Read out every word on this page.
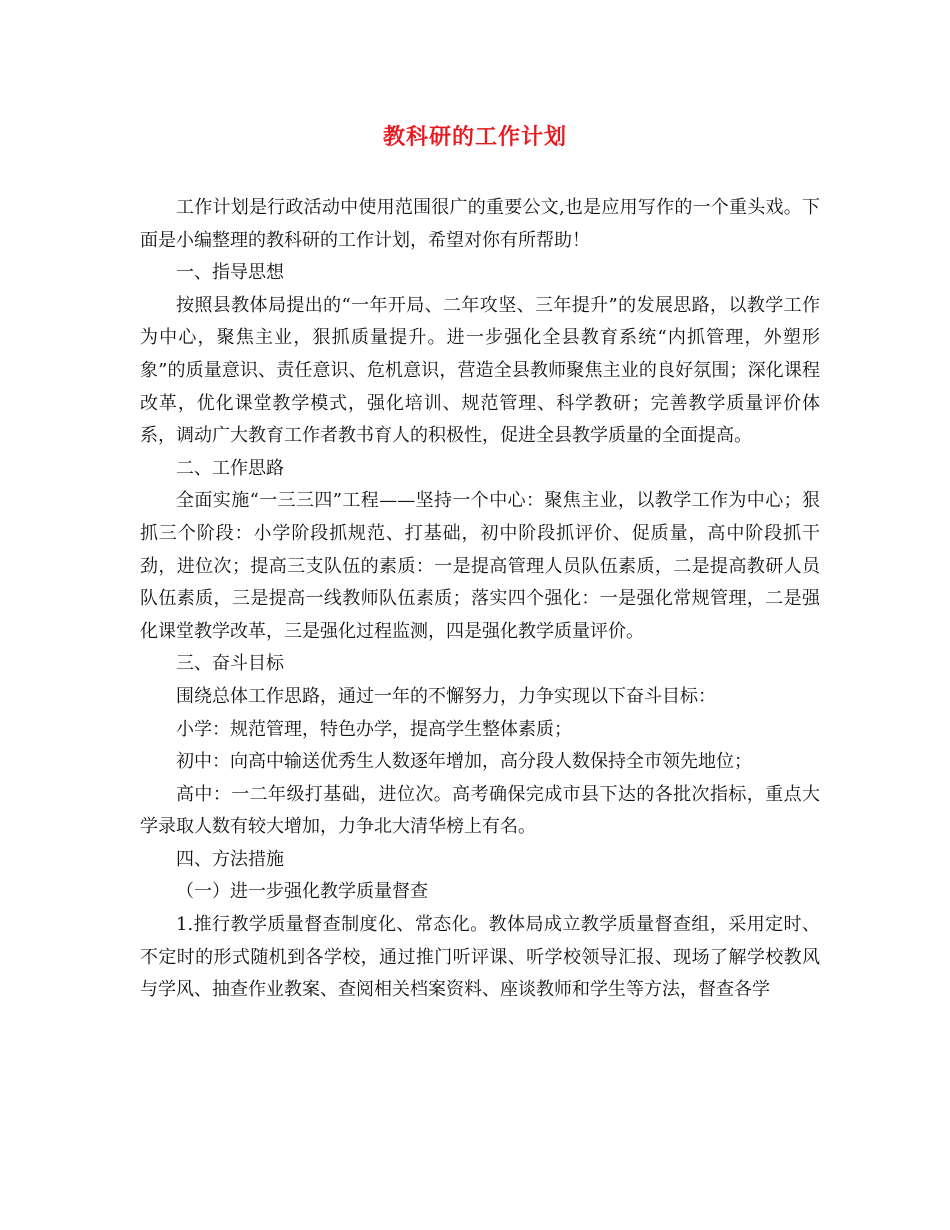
教科研的工作计划

工作计划是行政活动中使用范围很广的重要公文,也是应用写作的一个重头戏。下面是小编整理的教科研的工作计划，希望对你有所帮助！

一、指导思想

按照县教体局提出的“一年开局、二年攻坚、三年提升”的发展思路，以教学工作为中心，聚焦主业，狠抓质量提升。进一步强化全县教育系统“内抓管理，外塑形象”的质量意识、责任意识、危机意识，营造全县教师聚焦主业的良好氛围；深化课程改革，优化课堂教学模式，强化培训、规范管理、科学教研；完善教学质量评价体系，调动广大教育工作者教书育人的积极性，促进全县教学质量的全面提高。

二、工作思路

全面实施“一三三四”工程——坚持一个中心：聚焦主业，以教学工作为中心；狠抓三个阶段：小学阶段抓规范、打基础，初中阶段抓评价、促质量，高中阶段抓干劲，进位次；提高三支队伍的素质：一是提高管理人员队伍素质，二是提高教研人员队伍素质，三是提高一线教师队伍素质；落实四个强化：一是强化常规管理，二是强化课堂教学改革，三是强化过程监测，四是强化教学质量评价。

三、奋斗目标

围绕总体工作思路，通过一年的不懈努力，力争实现以下奋斗目标：

小学：规范管理，特色办学，提高学生整体素质；

初中：向高中输送优秀生人数逐年增加，高分段人数保持全市领先地位；

高中：一二年级打基础，进位次。高考确保完成市县下达的各批次指标，重点大学录取人数有较大增加，力争北大清华榜上有名。

四、方法措施

（一）进一步强化教学质量督查

1.推行教学质量督查制度化、常态化。教体局成立教学质量督查组，采用定时、不定时的形式随机到各学校，通过推门听评课、听学校领导汇报、现场了解学校教风与学风、抽查作业教案、查阅相关档案资料、座谈教师和学生等方法，督查各学
